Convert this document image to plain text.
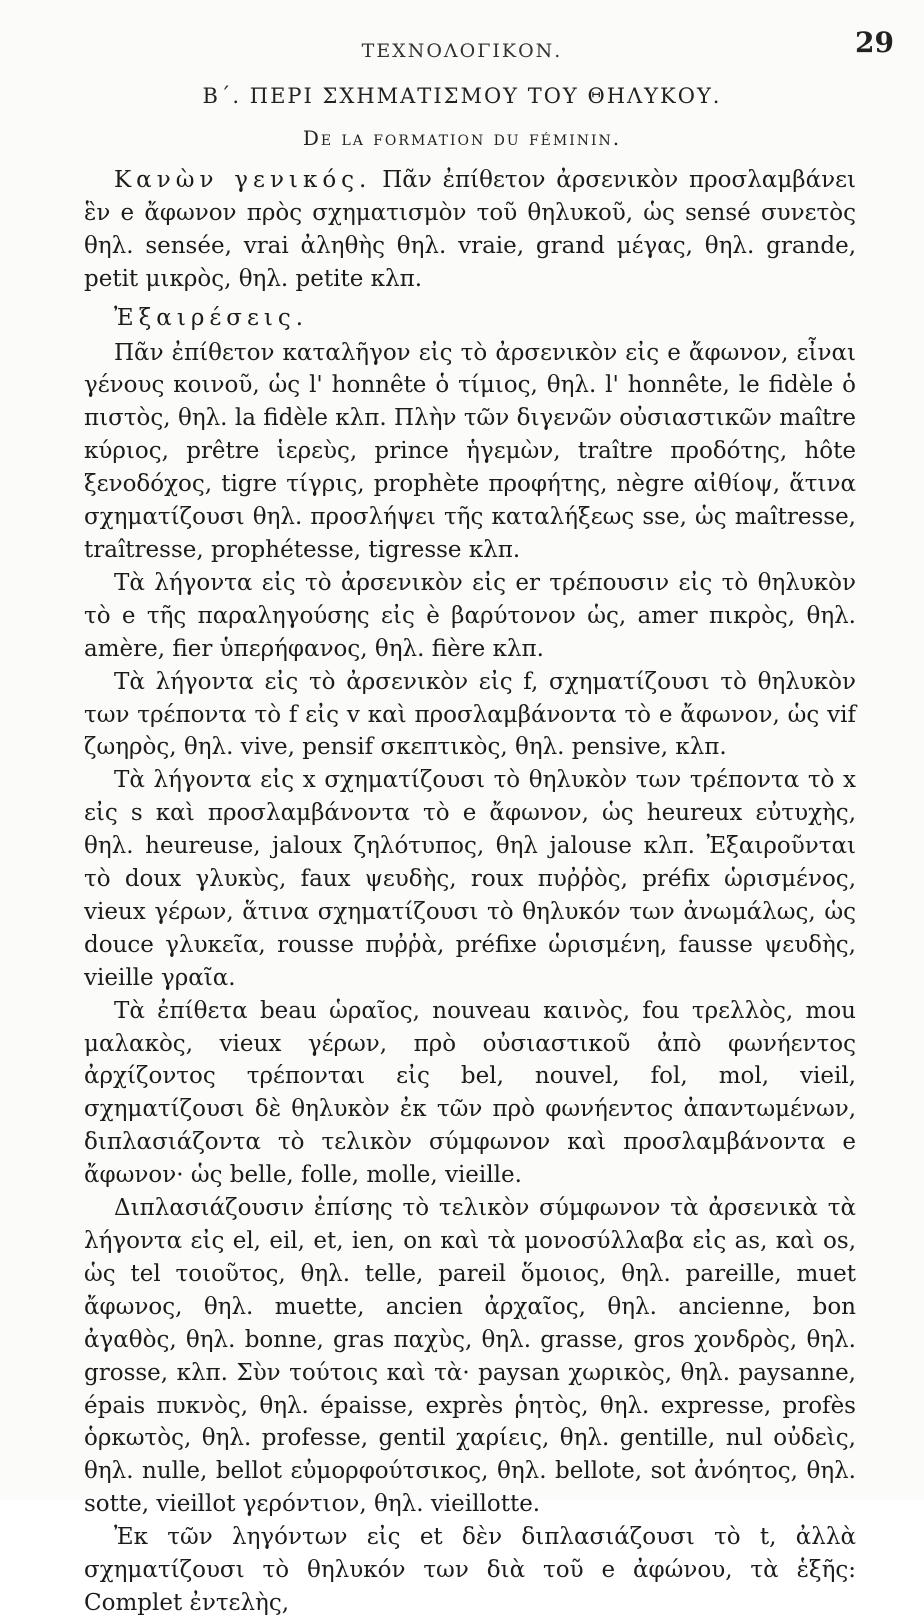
ΤΕΧΝΟΛΟΓΙΚΟΝ.	29
Β΄. ΠΕΡΙ ΣΧΗΜΑΤΙΣΜΟΥ ΤΟΥ ΘΗΛΥΚΟΥ.
De la formation du féminin.

Κανὼν γενικός. Πᾶν ἐπίθετον ἀρσενικὸν προσλαμβάνει ἓν e ἄφωνον πρὸς σχηματισμὸν τοῦ θηλυκοῦ, ὡς sensé συνετὸς θηλ. sensée, vrai ἀληθὴς θηλ. vraie, grand μέγας, θηλ. grande, petit μικρὸς, θηλ. petite κλπ.

Ἐξαιρέσεις.

Πᾶν ἐπίθετον καταλῆγον εἰς τὸ ἀρσενικὸν εἰς e ἄφωνον, εἶναι γένους κοινοῦ, ὡς l' honnête ὁ τίμιος, θηλ. l' honnête, le fidèle ὁ πιστὸς, θηλ. la fidèle κλπ. Πλὴν τῶν διγενῶν οὐσιαστικῶν maître κύριος, prêtre ἱερεὺς, prince ἡγεμὼν, traître προδότης, hôte ξενοδόχος, tigre τίγρις, prophète προφήτης, nègre αἰθίοψ, ἅτινα σχηματίζουσι θηλ. προσλήψει τῆς καταλήξεως sse, ὡς maîtresse, traîtresse, prophétesse, tigresse κλπ.

Τὰ λήγοντα εἰς τὸ ἀρσενικὸν εἰς er τρέπουσιν εἰς τὸ θηλυκὸν τὸ e τῆς παραληγούσης εἰς è βαρύτονον ὡς, amer πικρὸς, θηλ. amère, fier ὑπερήφανος, θηλ. fière κλπ.

Τὰ λήγοντα εἰς τὸ ἀρσενικὸν εἰς f, σχηματίζουσι τὸ θηλυκὸν των τρέποντα τὸ f εἰς v καὶ προσλαμβάνοντα τὸ e ἄφωνον, ὡς vif ζωηρὸς, θηλ. vive, pensif σκεπτικὸς, θηλ. pensive, κλπ.

Τὰ λήγοντα εἰς x σχηματίζουσι τὸ θηλυκὸν των τρέποντα τὸ x εἰς s καὶ προσλαμβάνοντα τὸ e ἄφωνον, ὡς heureux εὐτυχὴς, θηλ. heureuse, jaloux ζηλότυπος, θηλ jalouse κλπ. Ἐξαιροῦνται τὸ doux γλυκὺς, faux ψευδὴς, roux πυῤῥὸς, préfix ὡρισμένος, vieux γέρων, ἅτινα σχηματίζουσι τὸ θηλυκόν των ἀνωμάλως, ὡς douce γλυκεῖα, rousse πυῤῥὰ, préfixe ὡρισμένη, fausse ψευδὴς, vieille γραῖα.

Τὰ ἐπίθετα beau ὡραῖος, nouveau καινὸς, fou τρελλὸς, mou μαλακὸς, vieux γέρων, πρὸ οὐσιαστικοῦ ἀπὸ φωνήεντος ἀρχίζοντος τρέπονται εἰς bel, nouvel, fol, mol, vieil, σχηματίζουσι δὲ θηλυκὸν ἐκ τῶν πρὸ φωνήεντος ἀπαντωμένων, διπλασιάζοντα τὸ τελικὸν σύμφωνον καὶ προσλαμβάνοντα e ἄφωνον· ὡς belle, folle, molle, vieille.

Διπλασιάζουσιν ἐπίσης τὸ τελικὸν σύμφωνον τὰ ἀρσενικὰ τὰ λήγοντα εἰς el, eil, et, ien, on καὶ τὰ μονοσύλλαβα εἰς as, καὶ os, ὡς tel τοιοῦτος, θηλ. telle, pareil ὅμοιος, θηλ. pareille, muet ἄφωνος, θηλ. muette, ancien ἀρχαῖος, θηλ. ancienne, bon ἀγαθὸς, θηλ. bonne, gras παχὺς, θηλ. grasse, gros χονδρὸς, θηλ. grosse, κλπ. Σὺν τούτοις καὶ τὰ· paysan χωρικὸς, θηλ. paysanne, épais πυκνὸς, θηλ. épaisse, exprès ῥητὸς, θηλ. expresse, profès ὁρκωτὸς, θηλ. professe, gentil χαρίεις, θηλ. gentille, nul οὐδεὶς, θηλ. nulle, bellot εὐμορφούτσικος, θηλ. bellote, sot ἀνόητος, θηλ. sotte, vieillot γερόντιον, θηλ. vieillotte.

Ἐκ τῶν ληγόντων εἰς et δὲν διπλασιάζουσι τὸ t, ἀλλὰ σχηματίζουσι τὸ θηλυκόν των διὰ τοῦ e ἀφώνου, τὰ ἑξῆς: Complet ἐντελὴς,
